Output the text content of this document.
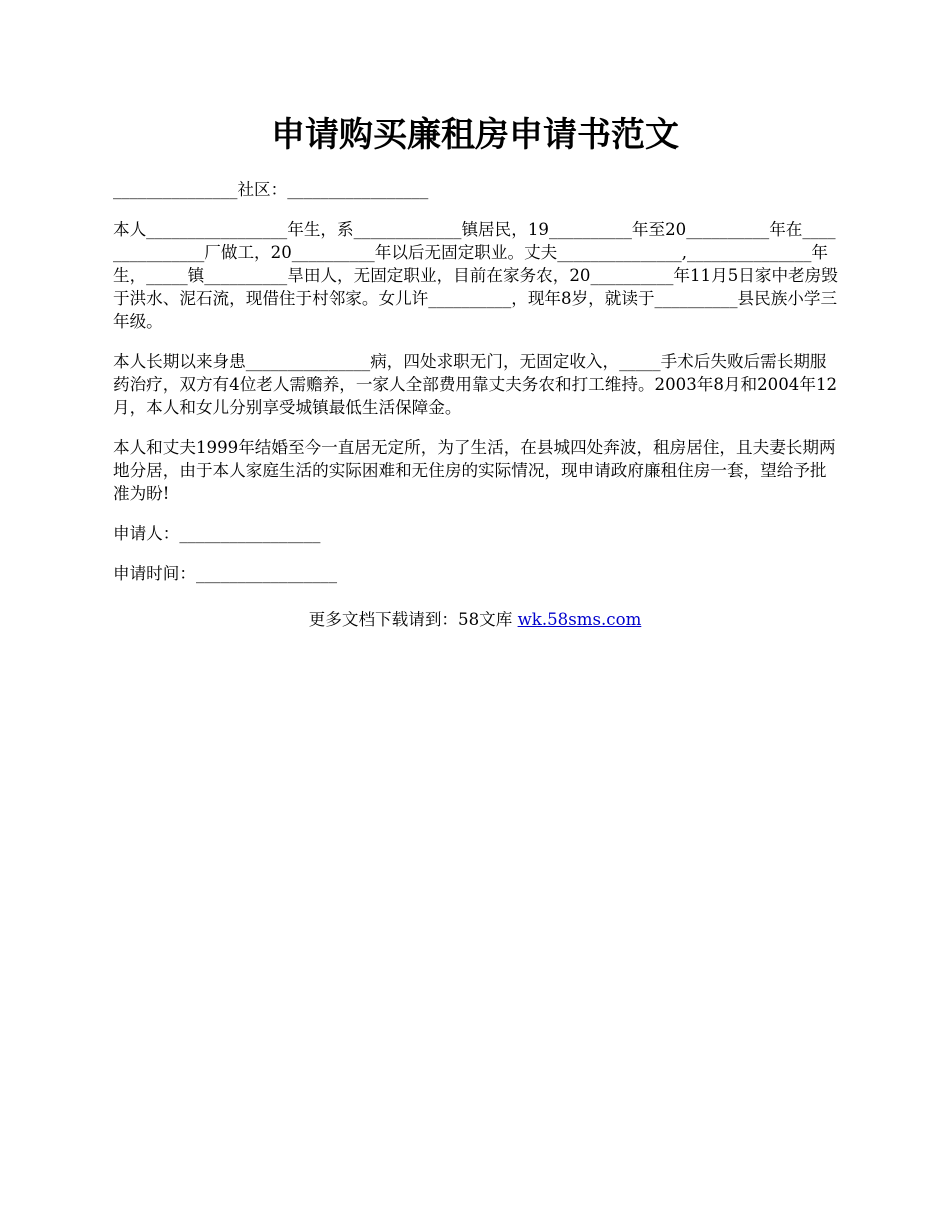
申请购买廉租房申请书范文

_______________社区：_________________

本人_________________年生，系_____________镇居民，19__________年至20__________年在_______________厂做工，20__________年以后无固定职业。丈夫_______________,_______________年生，_____镇__________旱田人，无固定职业，目前在家务农，20__________年11月5日家中老房毁于洪水、泥石流，现借住于村邻家。女儿许__________，现年8岁，就读于__________县民族小学三年级。

本人长期以来身患_______________病，四处求职无门，无固定收入，_____手术后失败后需长期服药治疗，双方有4位老人需赡养，一家人全部费用靠丈夫务农和打工维持。2003年8月和2004年12月，本人和女儿分别享受城镇最低生活保障金。

本人和丈夫1999年结婚至今一直居无定所，为了生活，在县城四处奔波，租房居住，且夫妻长期两地分居，由于本人家庭生活的实际困难和无住房的实际情况，现申请政府廉租住房一套，望给予批准为盼!

申请人：_________________

申请时间：_________________

更多文档下载请到：58文库 wk.58sms.com
